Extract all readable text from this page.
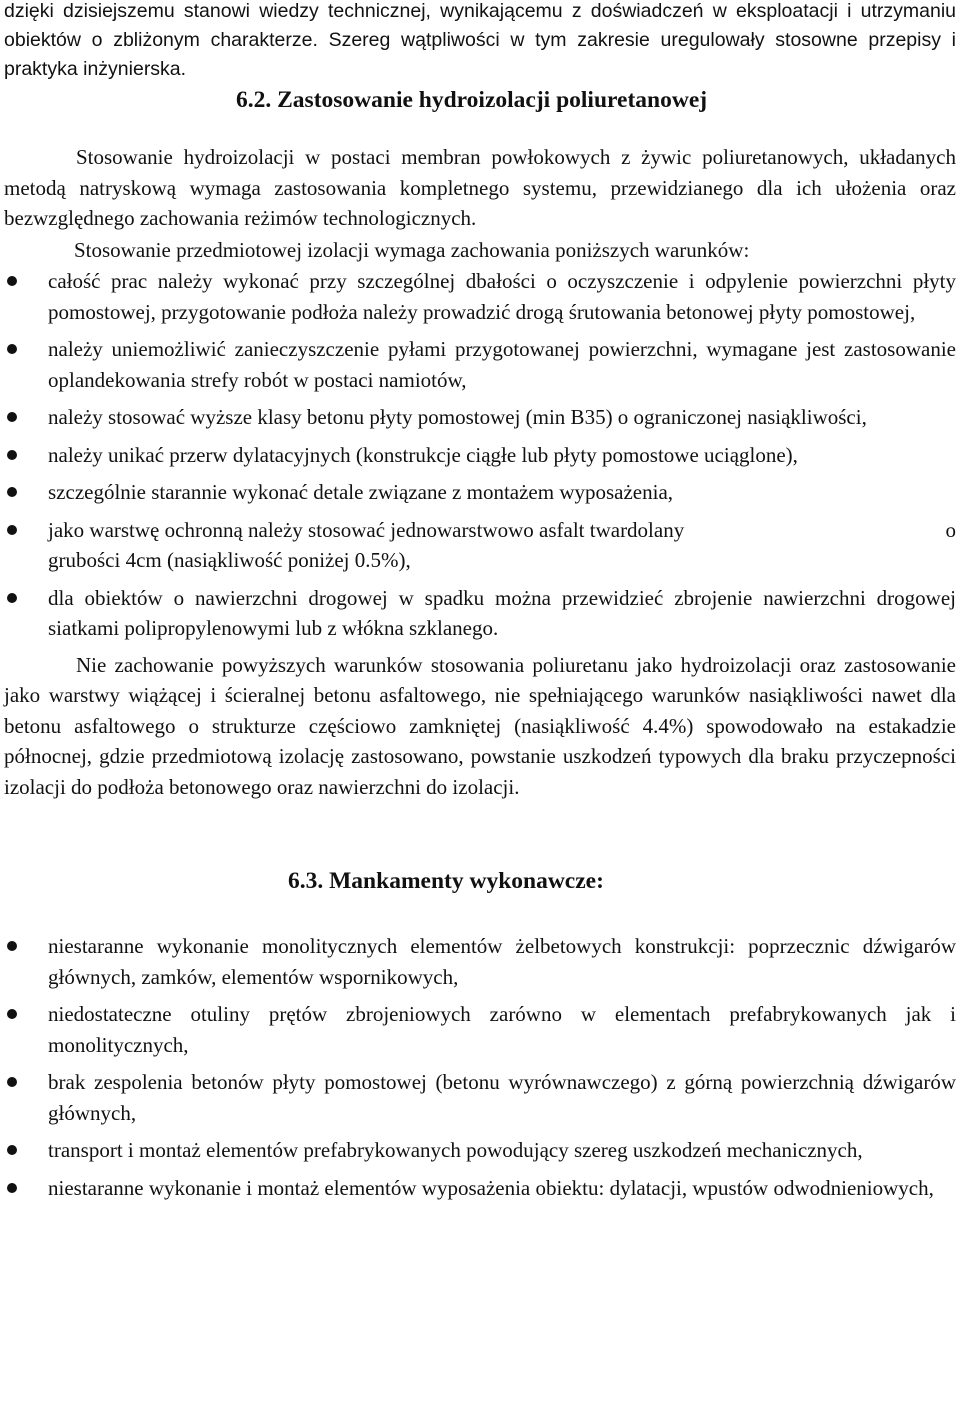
dzięki dzisiejszemu stanowi wiedzy technicznej, wynikającemu z doświadczeń w eksploatacji i utrzymaniu obiektów o zbliżonym charakterze. Szereg wątpliwości w tym zakresie uregulowały stosowne przepisy i praktyka inżynierska.

6.2. Zastosowanie hydroizolacji poliuretanowej

Stosowanie hydroizolacji w postaci membran powłokowych z żywic poliuretanowych, układanych metodą natryskową wymaga zastosowania kompletnego systemu, przewidzianego dla ich ułożenia oraz bezwzględnego zachowania reżimów technologicznych.

Stosowanie przedmiotowej izolacji wymaga zachowania poniższych warunków:

całość prac należy wykonać przy szczególnej dbałości o oczyszczenie i odpylenie powierzchni płyty pomostowej, przygotowanie podłoża należy prowadzić drogą śrutowania betonowej płyty pomostowej,
należy uniemożliwić zanieczyszczenie pyłami przygotowanej powierzchni, wymagane jest zastosowanie oplandekowania strefy robót w postaci namiotów,
należy stosować wyższe klasy betonu płyty pomostowej (min B35) o ograniczonej nasiąkliwości,
należy unikać przerw dylatacyjnych (konstrukcje ciągłe lub płyty pomostowe uciąglone),
szczególnie starannie wykonać detale związane z montażem wyposażenia,
jako warstwę ochronną należy stosować jednowarstwowo asfalt twardolany	o
grubości 4cm (nasiąkliwość poniżej 0.5%),
dla obiektów o nawierzchni drogowej w spadku można przewidzieć zbrojenie nawierzchni drogowej siatkami polipropylenowymi lub z włókna szklanego.

Nie zachowanie powyższych warunków stosowania poliuretanu jako hydroizolacji oraz zastosowanie jako warstwy wiążącej i ścieralnej betonu asfaltowego, nie spełniającego warunków nasiąkliwości nawet dla betonu asfaltowego o strukturze częściowo zamkniętej (nasiąkliwość 4.4%) spowodowało na estakadzie północnej, gdzie przedmiotową izolację zastosowano, powstanie uszkodzeń typowych dla braku przyczepności izolacji do podłoża betonowego oraz nawierzchni do izolacji.

6.3. Mankamenty wykonawcze:
niestaranne wykonanie monolitycznych elementów żelbetowych konstrukcji: poprzecznic dźwigarów głównych, zamków, elementów wspornikowych,
niedostateczne otuliny prętów zbrojeniowych zarówno w elementach prefabrykowanych jak i monolitycznych,
brak zespolenia betonów płyty pomostowej (betonu wyrównawczego) z górną powierzchnią dźwigarów głównych,
transport i montaż elementów prefabrykowanych powodujący szereg uszkodzeń mechanicznych,
niestaranne wykonanie i montaż elementów wyposażenia obiektu: dylatacji, wpustów odwodnieniowych,
